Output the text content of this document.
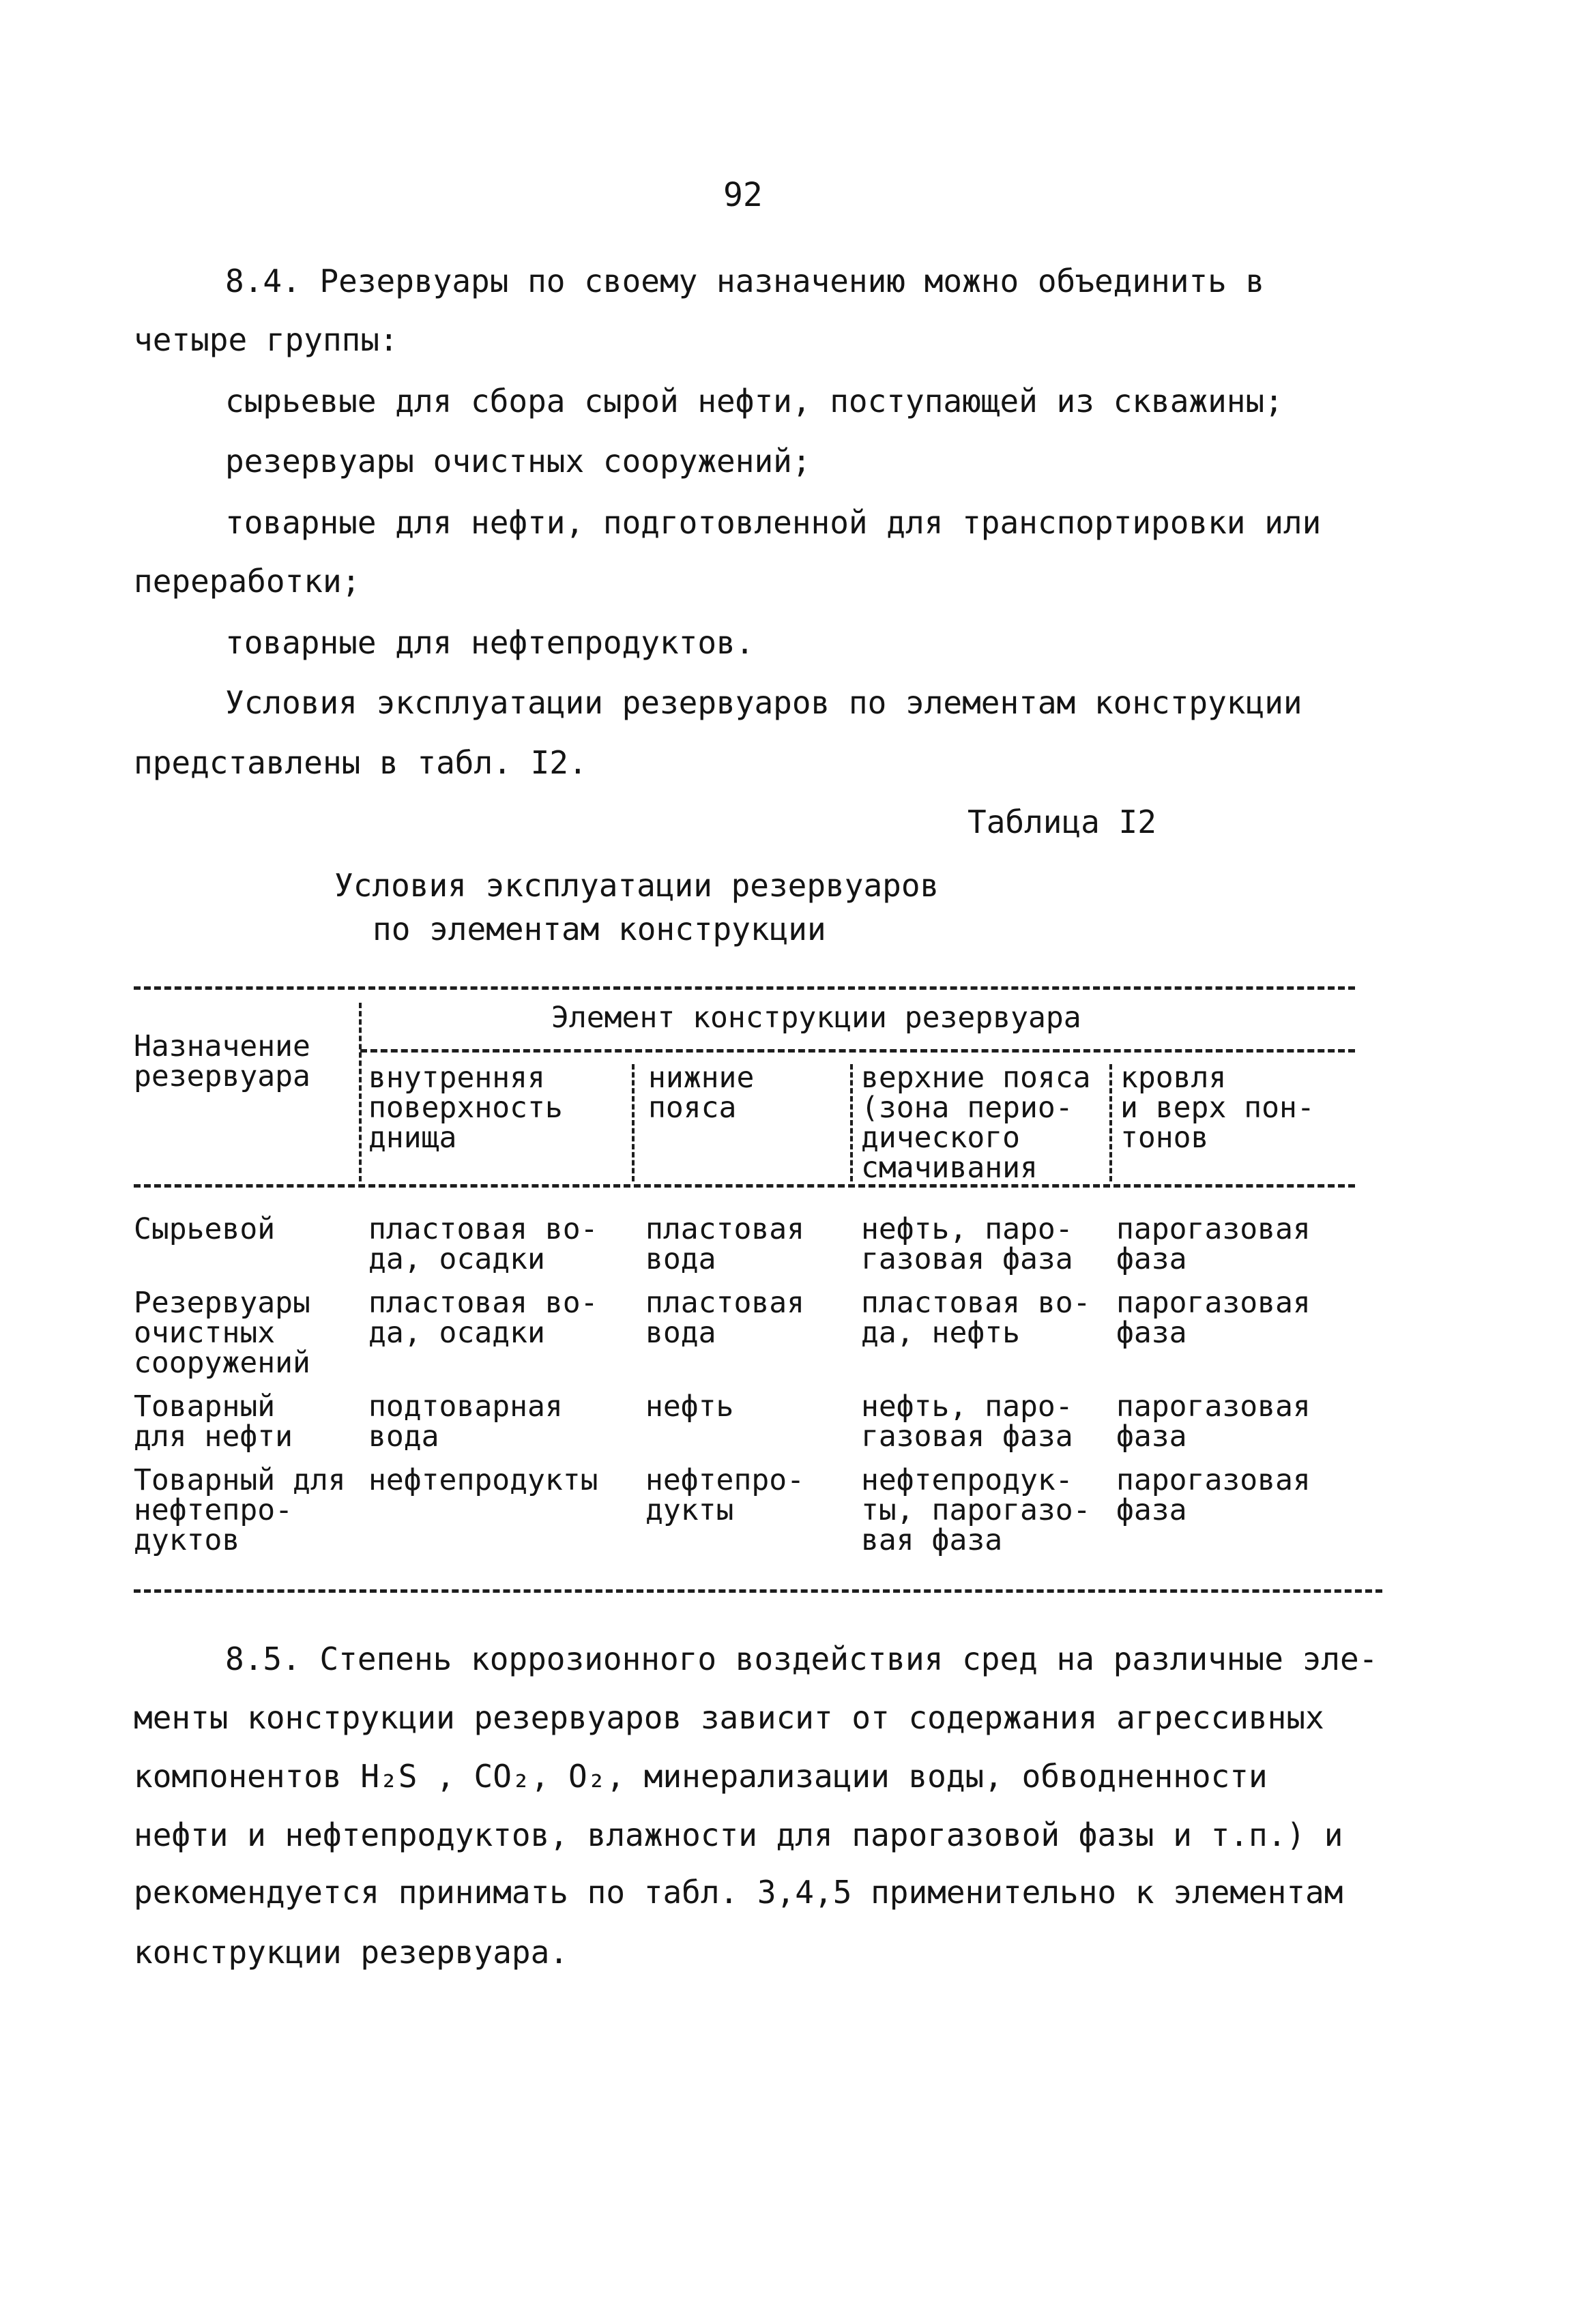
92
8.4. Резервуары по своему назначению можно объединить в
четыре группы:
сырьевые для сбора сырой нефти, поступающей из скважины;
резервуары очистных сооружений;
товарные для нефти, подготовленной для транспортировки или
переработки;
товарные для нефтепродуктов.
Условия эксплуатации резервуаров по элементам конструкции
представлены в табл. I2.
Таблица I2
Условия эксплуатации резервуаров
по элементам конструкции
Назначение
резервуара
Элемент конструкции резервуара
внутренняя
поверхность
днища
нижние
пояса
верхние пояса
(зона перио-
дического
смачивания
кровля
и верх пон-
тонов
Сырьевой	пластовая во-
да, осадки
пластовая
вода
нефть, паро-
газовая фаза
парогазовая
фаза
Резервуары
очистных
сооружений
пластовая во-
да, осадки
пластовая
вода
пластовая во-
да, нефть
парогазовая
фаза
Товарный
для нефти
подтоварная
вода
нефть	нефть, паро-
газовая фаза
парогазовая
фаза
Товарный для
нефтепро-
дуктов
нефтепродукты нефтепро-
дукты
нефтепродук-
ты, парогазо-
вая фаза
парогазовая
фаза
8.5. Степень коррозионного воздействия сред на различные эле-
менты конструкции резервуаров зависит от содержания агрессивных
компонентов H₂S , CO₂, O₂, минерализации воды, обводненности
нефти и нефтепродуктов, влажности для парогазовой фазы и т.п.) и
рекомендуется принимать по табл. 3,4,5 применительно к элементам
конструкции резервуара.
